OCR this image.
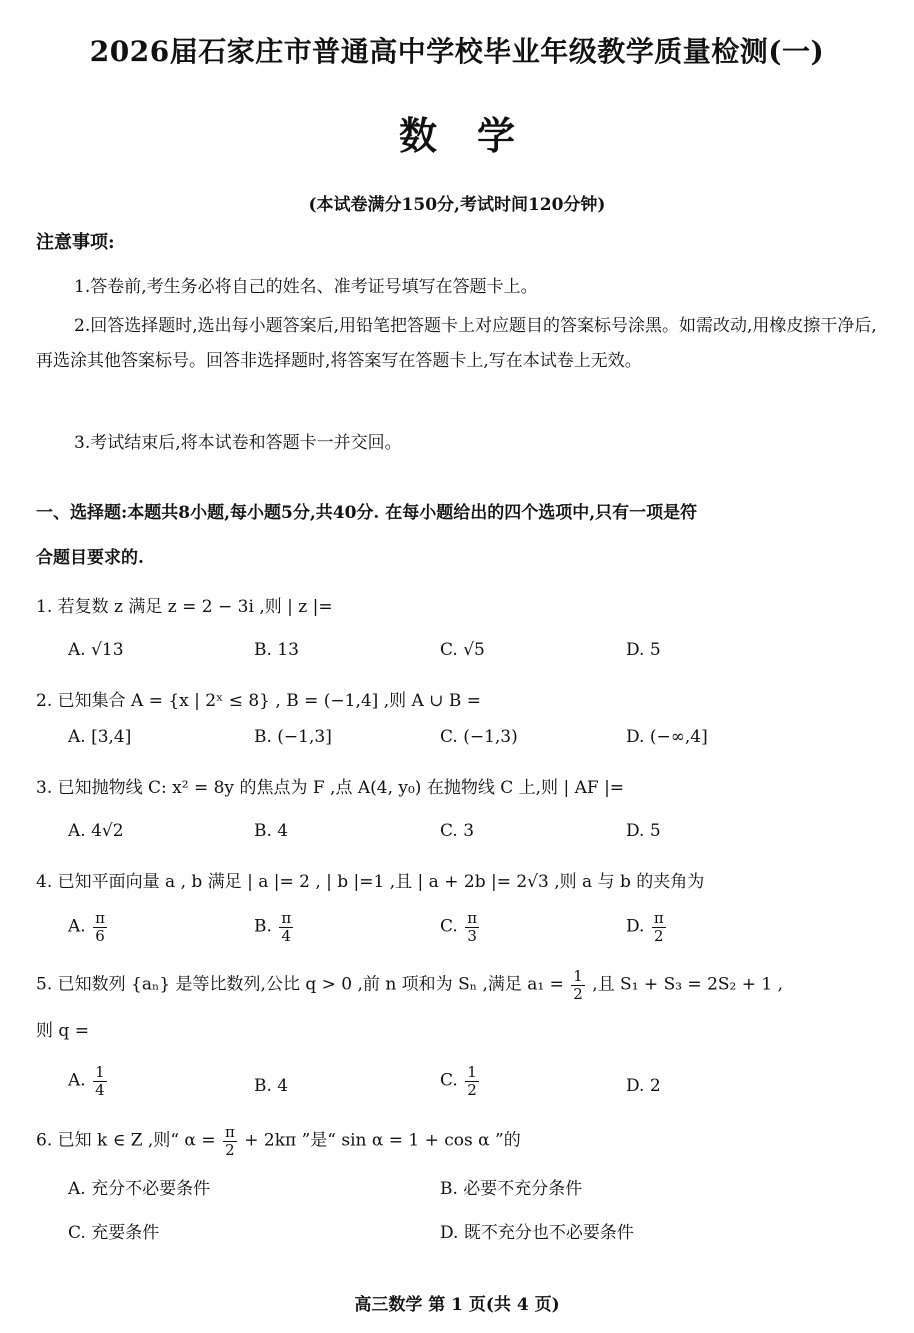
2026届石家庄市普通高中学校毕业年级教学质量检测(一)
数学
(本试卷满分150分,考试时间120分钟)
注意事项:
1.答卷前,考生务必将自己的姓名、准考证号填写在答题卡上。
2.回答选择题时,选出每小题答案后,用铅笔把答题卡上对应题目的答案标号涂黑。如需改动,用橡皮擦干净后,再选涂其他答案标号。回答非选择题时,将答案写在答题卡上,写在本试卷上无效。
3.考试结束后,将本试卷和答题卡一并交回。
一、选择题:本题共8小题,每小题5分,共40分. 在每小题给出的四个选项中,只有一项是符
合题目要求的.
1. 若复数 z 满足 z = 2 − 3i ,则 | z |=
A. √13	B. 13	C. √5	D. 5
2. 已知集合 A = {x | 2ˣ ≤ 8} , B = (−1,4] ,则 A ∪ B =
A. [3,4]	B. (−1,3]	C. (−1,3)	D. (−∞,4]
3. 已知抛物线 C: x² = 8y 的焦点为 F ,点 A(4, y₀) 在抛物线 C 上,则 | AF |=
A. 4√2	B. 4	C. 3	D. 5
4. 已知平面向量 a , b 满足 | a |= 2 , | b |=1 ,且 | a + 2b |= 2√3 ,则 a 与 b 的夹角为
A. $\frac{\pi}{6}$	B. $\frac{\pi}{4}$	C. $\frac{\pi}{3}$	D. $\frac{\pi}{2}$
5. 已知数列 {aₙ} 是等比数列,公比 q > 0 ,前 n 项和为 Sₙ ,满足 $a_1 = \frac{1}{2}$ ,且 S₁ + S₃ = 2S₂ + 1 ,
则 q =
A. $\frac{1}{4}$	B. 4	C. $\frac{1}{2}$	D. 2
6. 已知 k ∈ Z ,则“ $\alpha = \frac{\pi}{2} + 2k\pi$ ”是“ sin α = 1 + cos α ”的
A. 充分不必要条件	B. 必要不充分条件
C. 充要条件	D. 既不充分也不必要条件
高三数学 第 1 页(共 4 页)
